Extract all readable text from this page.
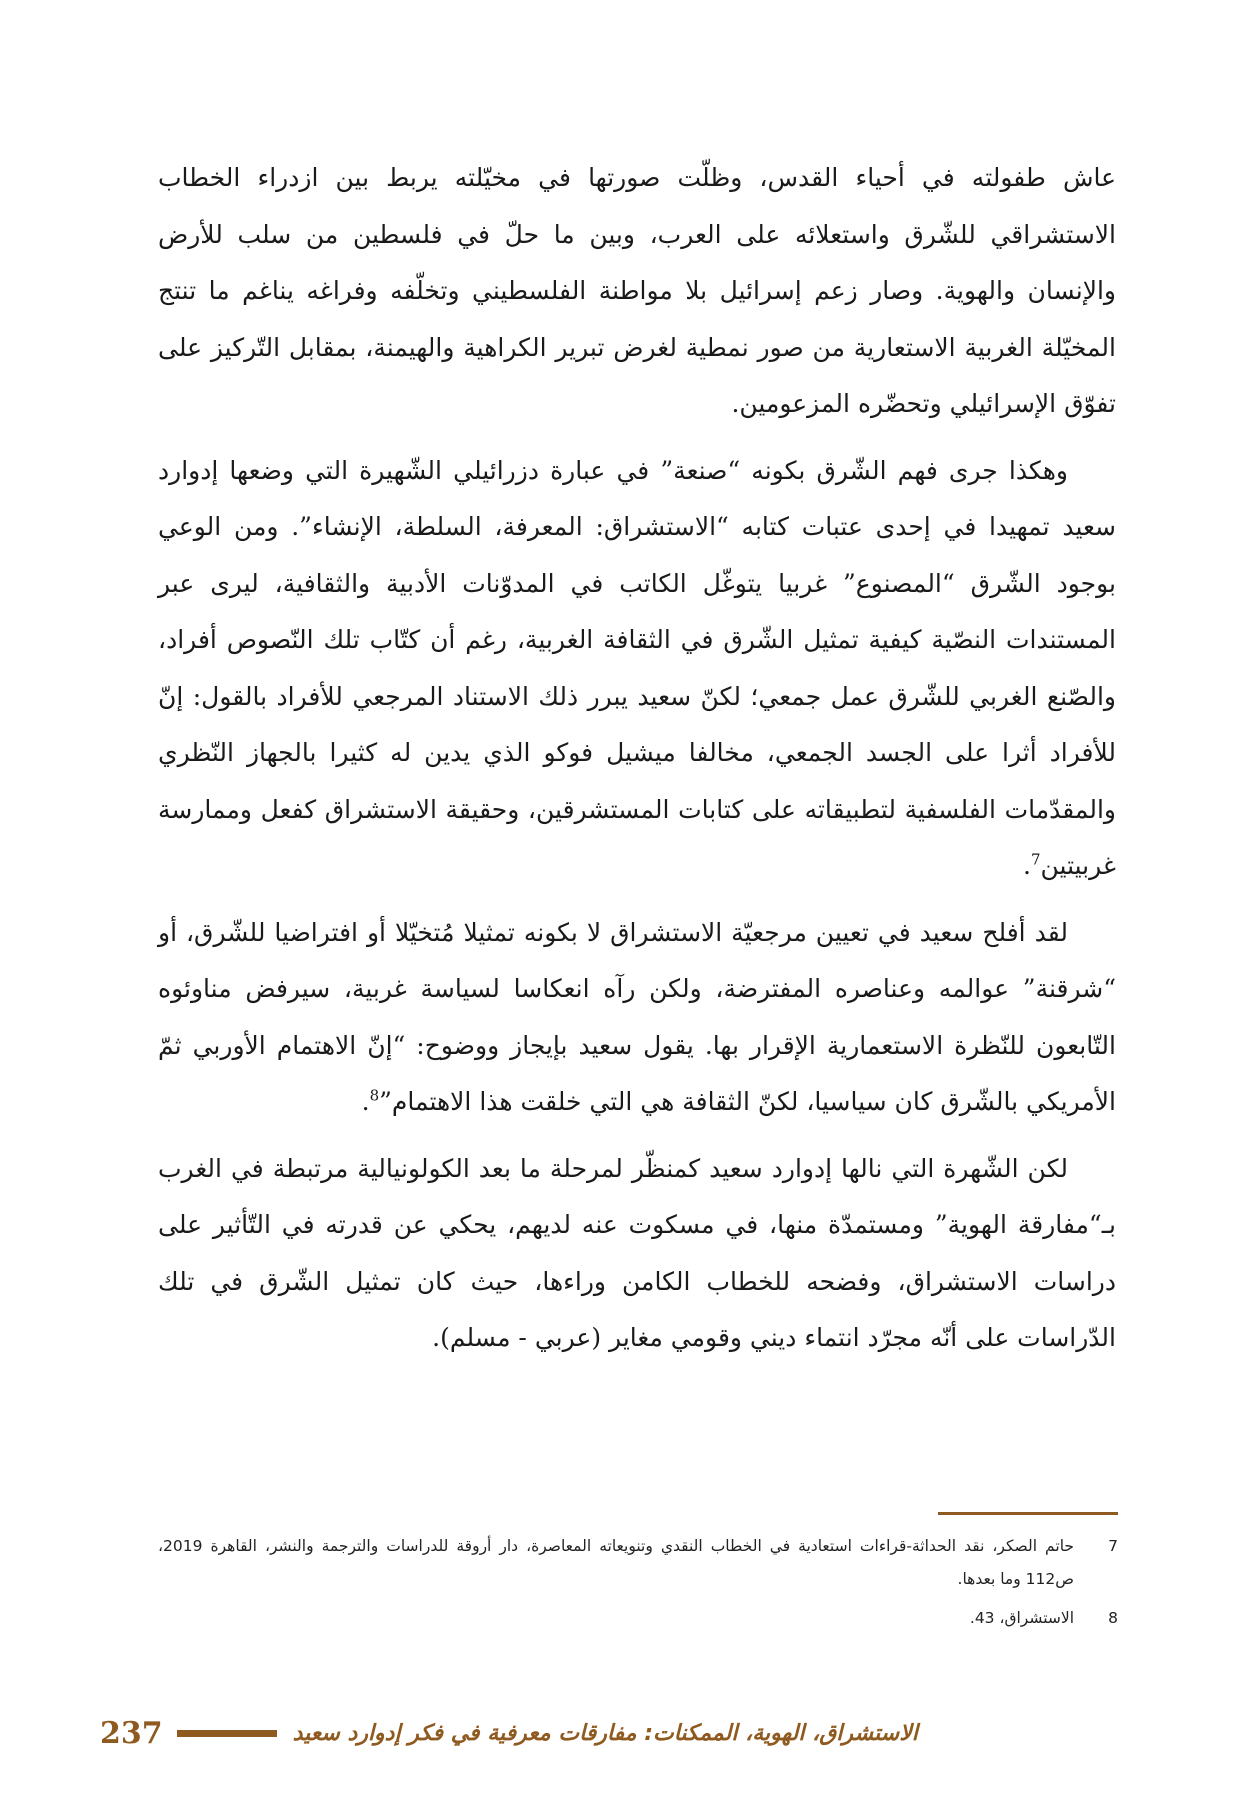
عاش طفولته في أحياء القدس، وظلّت صورتها في مخيّلته يربط بين ازدراء الخطاب الاستشراقي للشّرق واستعلائه على العرب، وبين ما حلّ في فلسطين من سلب للأرض والإنسان والهوية. وصار زعم إسرائيل بلا مواطنة الفلسطيني وتخلّفه وفراغه يناغم ما تنتج المخيّلة الغربية الاستعارية من صور نمطية لغرض تبرير الكراهية والهيمنة، بمقابل التّركيز على تفوّق الإسرائيلي وتحضّره المزعومين.

وهكذا جرى فهم الشّرق بكونه “صنعة” في عبارة دزرائيلي الشّهيرة التي وضعها إدوارد سعيد تمهيدا في إحدى عتبات كتابه “الاستشراق: المعرفة، السلطة، الإنشاء”. ومن الوعي بوجود الشّرق “المصنوع” غربيا يتوغّل الكاتب في المدوّنات الأدبية والثقافية، ليرى عبر المستندات النصّية كيفية تمثيل الشّرق في الثقافة الغربية، رغم أن كتّاب تلك النّصوص أفراد، والصّنع الغربي للشّرق عمل جمعي؛ لكنّ سعيد يبرر ذلك الاستناد المرجعي للأفراد بالقول: إنّ للأفراد أثرا على الجسد الجمعي، مخالفا ميشيل فوكو الذي يدين له كثيرا بالجهاز النّظري والمقدّمات الفلسفية لتطبيقاته على كتابات المستشرقين، وحقيقة الاستشراق كفعل وممارسة غربيتين$^7$.

لقد أفلح سعيد في تعيين مرجعيّة الاستشراق لا بكونه تمثيلا مُتخيّلا أو افتراضيا للشّرق، أو “شرقنة” عوالمه وعناصره المفترضة، ولكن رآه انعكاسا لسياسة غربية، سيرفض مناوئوه التّابعون للنّظرة الاستعمارية الإقرار بها. يقول سعيد بإيجاز ووضوح: “إنّ الاهتمام الأوربي ثمّ الأمريكي بالشّرق كان سياسيا، لكنّ الثقافة هي التي خلقت هذا الاهتمام”$^8$.

لكن الشّهرة التي نالها إدوارد سعيد كمنظّر لمرحلة ما بعد الكولونيالية مرتبطة في الغرب بـ“مفارقة الهوية” ومستمدّة منها، في مسكوت عنه لديهم، يحكي عن قدرته في التّأثير على دراسات الاستشراق، وفضحه للخطاب الكامن وراءها، حيث كان تمثيل الشّرق في تلك الدّراسات على أنّه مجرّد انتماء ديني وقومي مغاير (عربي - مسلم).

7
حاتم الصكر، نقد الحداثة-قراءات استعادية في الخطاب النقدي وتنويعاته المعاصرة، دار أروقة للدراسات والترجمة والنشر، القاهرة 2019، ص112 وما بعدها.
8
الاستشراق، 43.
237	الاستشراق، الهوية، الممكنات: مفارقات معرفية في فكر إدوارد سعيد
